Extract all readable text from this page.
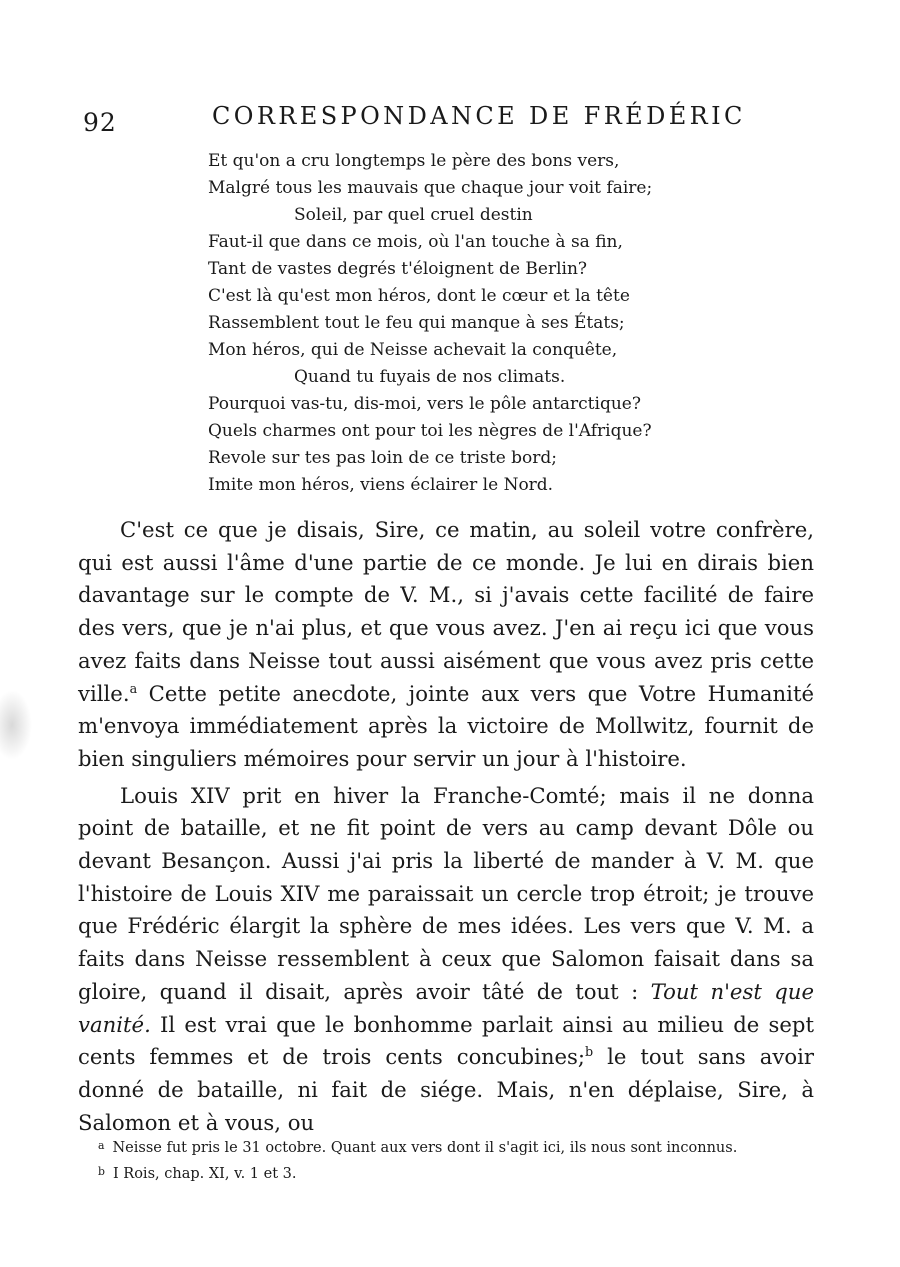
92	CORRESPONDANCE DE FRÉDÉRIC
Et qu'on a cru longtemps le père des bons vers,
Malgré tous les mauvais que chaque jour voit faire;
Soleil, par quel cruel destin
Faut-il que dans ce mois, où l'an touche à sa fin,
Tant de vastes degrés t'éloignent de Berlin?
C'est là qu'est mon héros, dont le cœur et la tête
Rassemblent tout le feu qui manque à ses États;
Mon héros, qui de Neisse achevait la conquête,
Quand tu fuyais de nos climats.
Pourquoi vas-tu, dis-moi, vers le pôle antarctique?
Quels charmes ont pour toi les nègres de l'Afrique?
Revole sur tes pas loin de ce triste bord;
Imite mon héros, viens éclairer le Nord.

C'est ce que je disais, Sire, ce matin, au soleil votre confrère, qui est aussi l'âme d'une partie de ce monde. Je lui en dirais bien davantage sur le compte de V. M., si j'avais cette facilité de faire des vers, que je n'ai plus, et que vous avez. J'en ai reçu ici que vous avez faits dans Neisse tout aussi aisément que vous avez pris cette ville.$^a$ Cette petite anecdote, jointe aux vers que Votre Humanité m'envoya immédiatement après la victoire de Mollwitz, fournit de bien singuliers mémoires pour servir un jour à l'histoire.

Louis XIV prit en hiver la Franche-Comté; mais il ne donna point de bataille, et ne fit point de vers au camp devant Dôle ou devant Besançon. Aussi j'ai pris la liberté de mander à V. M. que l'histoire de Louis XIV me paraissait un cercle trop étroit; je trouve que Frédéric élargit la sphère de mes idées. Les vers que V. M. a faits dans Neisse ressemblent à ceux que Salomon faisait dans sa gloire, quand il disait, après avoir tâté de tout : Tout n'est que vanité. Il est vrai que le bonhomme parlait ainsi au milieu de sept cents femmes et de trois cents concubines;$^b$ le tout sans avoir donné de bataille, ni fait de siége. Mais, n'en déplaise, Sire, à Salomon et à vous, ou

$^a$ Neisse fut pris le 31 octobre. Quant aux vers dont il s'agit ici, ils nous sont inconnus.
$^b$ I Rois, chap. XI, v. 1 et 3.
